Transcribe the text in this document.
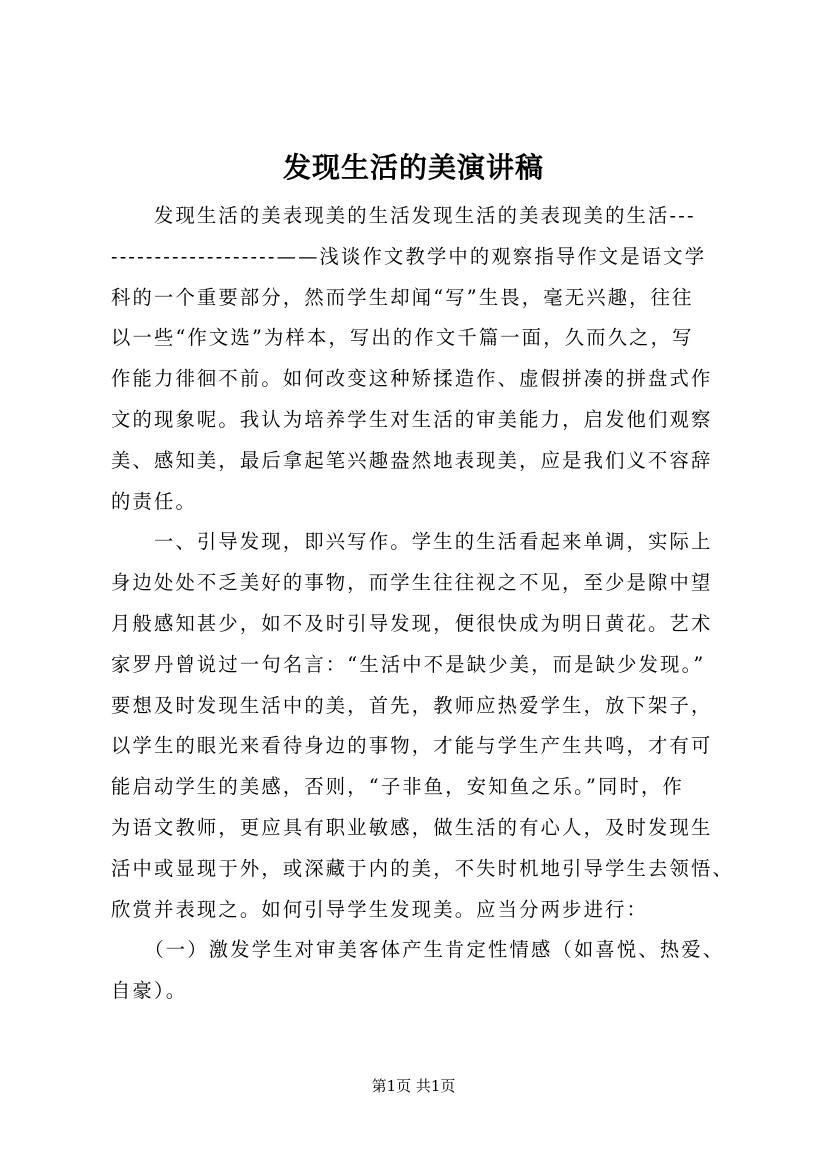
发现生活的美演讲稿
　　发现生活的美表现美的生活发现生活的美表现美的生活---
-------------------——浅谈作文教学中的观察指导作文是语文学
科的一个重要部分，然而学生却闻“写”生畏，毫无兴趣，往往
以一些“作文选”为样本，写出的作文千篇一面，久而久之，写
作能力徘徊不前。如何改变这种矫揉造作、虚假拼凑的拼盘式作
文的现象呢。我认为培养学生对生活的审美能力，启发他们观察
美、感知美，最后拿起笔兴趣盎然地表现美，应是我们义不容辞
的责任。
　　一、引导发现，即兴写作。学生的生活看起来单调，实际上
身边处处不乏美好的事物，而学生往往视之不见，至少是隙中望
月般感知甚少，如不及时引导发现，便很快成为明日黄花。艺术
家罗丹曾说过一句名言：“生活中不是缺少美，而是缺少发现。”
要想及时发现生活中的美，首先，教师应热爱学生，放下架子，
以学生的眼光来看待身边的事物，才能与学生产生共鸣，才有可
能启动学生的美感，否则，“子非鱼，安知鱼之乐。”同时，作
为语文教师，更应具有职业敏感，做生活的有心人，及时发现生
活中或显现于外，或深藏于内的美，不失时机地引导学生去领悟、
欣赏并表现之。如何引导学生发现美。应当分两步进行：
　　（一）激发学生对审美客体产生肯定性情感（如喜悦、热爱、
自豪）。
第1页 共1页
